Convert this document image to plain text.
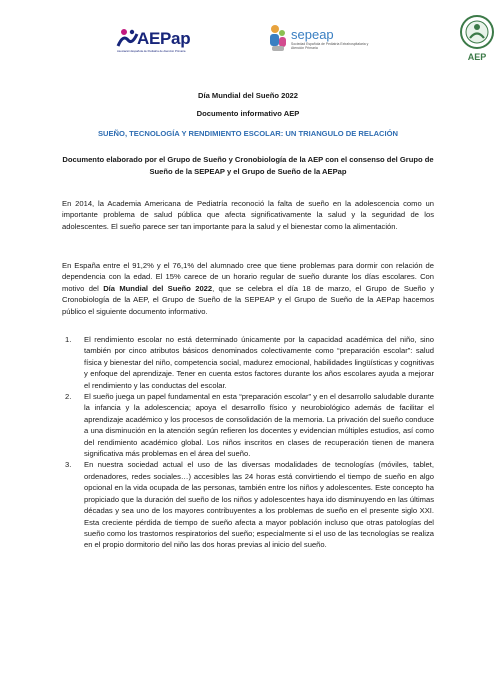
AEPap
Asociación Española de Pediatría de Atención Primaria
sepeap
Sociedad Española de Pediatría Extrahospitalaria y Atención Primaria
AEP
Día Mundial del Sueño 2022
Documento informativo AEP
SUEÑO, TECNOLOGÍA Y RENDIMIENTO ESCOLAR: UN TRIANGULO DE RELACIÓN
Documento elaborado por el Grupo de Sueño y Cronobiología de la AEP con el consenso del Grupo de Sueño de la SEPEAP y el Grupo de Sueño de la AEPap

En 2014, la Academia Americana de Pediatría reconoció la falta de sueño en la adolescencia como un importante problema de salud pública que afecta significativamente la salud y la seguridad de los adolescentes. El sueño parece ser tan importante para la salud y el bienestar como la alimentación.

En España entre el 91,2% y el 76,1% del alumnado cree que tiene problemas para dormir con relación de dependencia con la edad. El 15% carece de un horario regular de sueño durante los días escolares. Con motivo del Día Mundial del Sueño 2022, que se celebra el día 18 de marzo, el Grupo de Sueño y Cronobiología de la AEP, el Grupo de Sueño de la SEPEAP y el Grupo de Sueño de la AEPap hacemos público el siguiente documento informativo.

1. El rendimiento escolar no está determinado únicamente por la capacidad académica del niño, sino también por cinco atributos básicos denominados colectivamente como “preparación escolar”: salud física y bienestar del niño, competencia social, madurez emocional, habilidades lingüísticas y cognitivas y enfoque del aprendizaje. Tener en cuenta estos factores durante los años escolares ayuda a mejorar el rendimiento y las conductas del escolar.
2. El sueño juega un papel fundamental en esta “preparación escolar” y en el desarrollo saludable durante la infancia y la adolescencia; apoya el desarrollo físico y neurobiológico además de facilitar el aprendizaje académico y los procesos de consolidación de la memoria. La privación del sueño conduce a una disminución en la atención según refieren los docentes y evidencian múltiples estudios, así como del rendimiento académico global. Los niños inscritos en clases de recuperación tienen de manera significativa más problemas en el área del sueño.
3. En nuestra sociedad actual el uso de las diversas modalidades de tecnologías (móviles, tablet, ordenadores, redes sociales…) accesibles las 24 horas está convirtiendo el tiempo de sueño en algo opcional en la vida ocupada de las personas, también entre los niños y adolescentes. Este concepto ha propiciado que la duración del sueño de los niños y adolescentes haya ido disminuyendo en las últimas décadas y sea uno de los mayores contribuyentes a los problemas de sueño en el presente siglo XXI. Esta creciente pérdida de tiempo de sueño afecta a mayor población incluso que otras patologías del sueño como los trastornos respiratorios del sueño; especialmente si el uso de las tecnologías se realiza en el propio dormitorio del niño las dos horas previas al inicio del sueño.
